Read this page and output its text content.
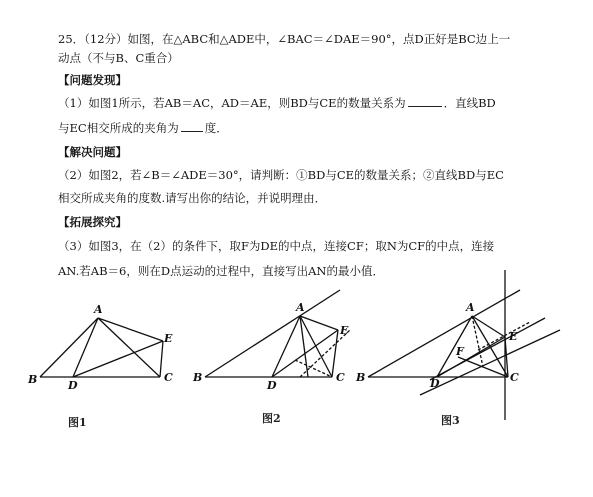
25．（12分）如图，在△ABC和△ADE中，∠BAC＝∠DAE＝90°，点D正好是BC边上一
动点（不与B、C重合）
【问题发现】
（1）如图1所示，若AB＝AC，AD＝AE，则BD与CE的数量关系为	．直线BD
与EC相交所成的夹角为 度．
【解决问题】
（2）如图2，若∠B＝∠ADE＝30°，请判断：①BD与CE的数量关系；②直线BD与EC
相交所成夹角的度数.请写出你的结论，并说明理由．
【拓展探究】
（3）如图3，在（2）的条件下，取F为DE的中点，连接CF；取N为CF的中点，连接
AN.若AB＝6，则在D点运动的过程中，直接写出AN的最小值．
A
B	C
D
E
A
B	C
D
E
A
B	C
D
E
F
图1	图2	图3
